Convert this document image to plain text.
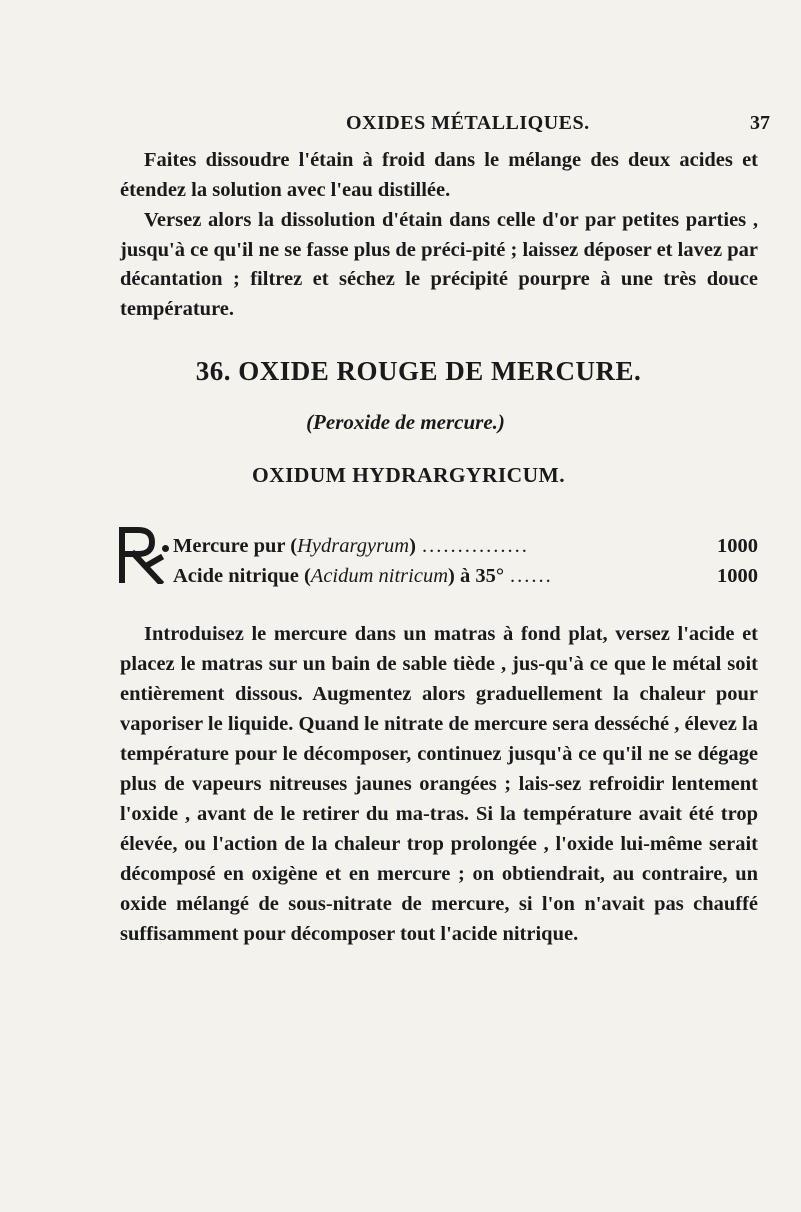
OXIDES MÉTALLIQUES.	37
Faites dissoudre l'étain à froid dans le mélange des deux acides et étendez la solution avec l'eau distillée.
Versez alors la dissolution d'étain dans celle d'or par petites parties , jusqu'à ce qu'il ne se fasse plus de préci-pité ; laissez déposer et lavez par décantation ; filtrez et séchez le précipité pourpre à une très douce température.
36. OXIDE ROUGE DE MERCURE.
(Peroxide de mercure.)
OXIDUM HYDRARGYRICUM.
Mercure pur (Hydrargyrum) ...............	1000
Acide nitrique (Acidum nitricum) à 35° ......	1000
Introduisez le mercure dans un matras à fond plat, versez l'acide et placez le matras sur un bain de sable tiède , jus-qu'à ce que le métal soit entièrement dissous. Augmentez alors graduellement la chaleur pour vaporiser le liquide. Quand le nitrate de mercure sera desséché , élevez la température pour le décomposer, continuez jusqu'à ce qu'il ne se dégage plus de vapeurs nitreuses jaunes orangées ; lais-sez refroidir lentement l'oxide , avant de le retirer du ma-tras. Si la température avait été trop élevée, ou l'action de la chaleur trop prolongée , l'oxide lui-même serait décomposé en oxigène et en mercure ; on obtiendrait, au contraire, un oxide mélangé de sous-nitrate de mercure, si l'on n'avait pas chauffé suffisamment pour décomposer tout l'acide nitrique.
